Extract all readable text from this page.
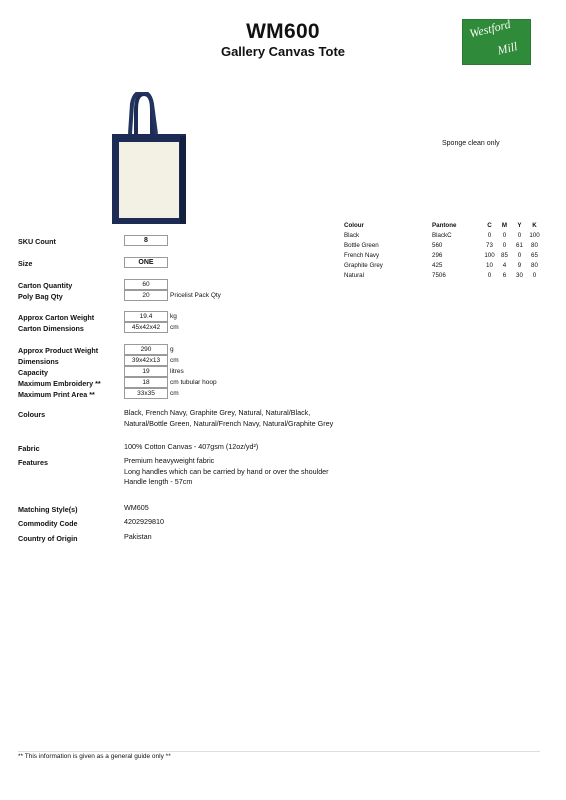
WM600
Gallery Canvas Tote
Westford
Mill
Sponge clean only
Colour	Pantone	C	M	Y	K
Black	BlackC	0	0	0	100
Bottle Green	560	73	0	61	80
French Navy	296	100	85	0	65
Graphite Grey	425	10	4	9	80
Natural	7506	0	6	30	0
SKU Count	8
Size	ONE
Carton Quantity	60
Poly Bag Qty	20	Pricelist Pack Qty
Approx Carton Weight	19.4	kg
Carton Dimensions	45x42x42	cm
Approx Product Weight	290	g
Dimensions	39x42x13	cm
Capacity	19	litres
Maximum Embroidery **	18	cm tubular hoop
Maximum Print Area **	33x35	cm
Colours	Black, French Navy, Graphite Grey, Natural, Natural/Black, Natural/Bottle Green, Natural/French Navy, Natural/Graphite Grey
Fabric	100% Cotton Canvas - 407gsm (12oz/yd²)
Features	Premium heavyweight fabric
Long handles which can be carried by hand or over the shoulder
Handle length - 57cm
Matching Style(s)	WM605
Commodity Code	4202929810
Country of Origin	Pakistan
** This information is given as a general guide only **
